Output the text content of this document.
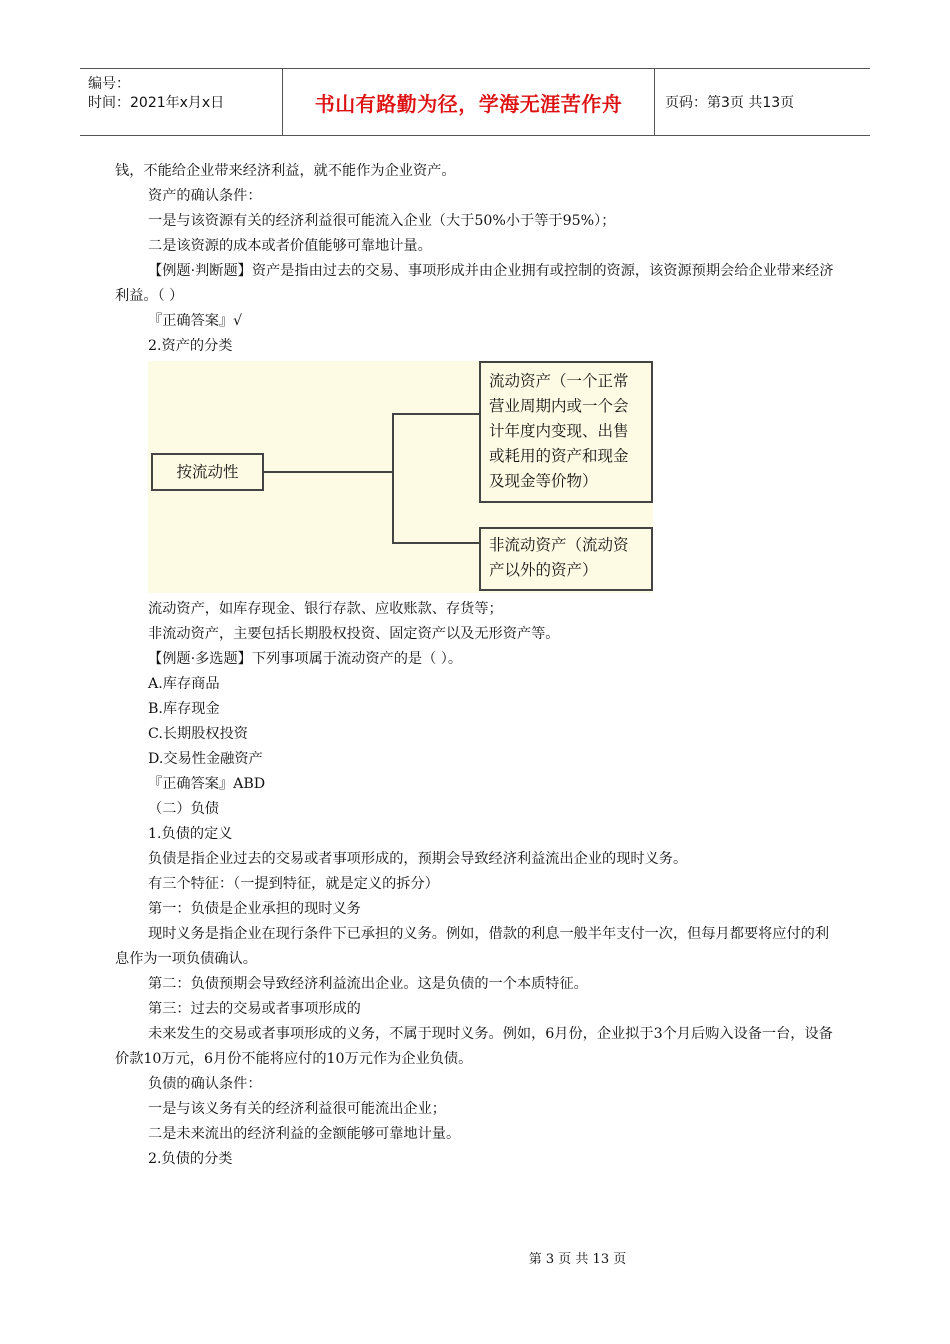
编号：
时间：2021年x月x日	书山有路勤为径，学海无涯苦作舟	页码：第3页 共13页

钱，不能给企业带来经济利益，就不能作为企业资产。

资产的确认条件：

一是与该资源有关的经济利益很可能流入企业（大于50%小于等于95%）；

二是该资源的成本或者价值能够可靠地计量。

【例题·判断题】资产是指由过去的交易、事项形成并由企业拥有或控制的资源，该资源预期会给企业带来经济利益。（ ）

『正确答案』√

2.资产的分类

按流动性
流动资产（一个正常营业周期内或一个会计年度内变现、出售或耗用的资产和现金及现金等价物）
非流动资产（流动资产以外的资产）

流动资产，如库存现金、银行存款、应收账款、存货等；

非流动资产，主要包括长期股权投资、固定资产以及无形资产等。

【例题·多选题】下列事项属于流动资产的是（ ）。

A.库存商品

B.库存现金

C.长期股权投资

D.交易性金融资产

『正确答案』ABD

（二）负债

1.负债的定义

负债是指企业过去的交易或者事项形成的，预期会导致经济利益流出企业的现时义务。

有三个特征：（一提到特征，就是定义的拆分）

第一：负债是企业承担的现时义务

现时义务是指企业在现行条件下已承担的义务。例如，借款的利息一般半年支付一次，但每月都要将应付的利息作为一项负债确认。

第二：负债预期会导致经济利益流出企业。这是负债的一个本质特征。

第三：过去的交易或者事项形成的

未来发生的交易或者事项形成的义务，不属于现时义务。例如，6月份，企业拟于3个月后购入设备一台，设备价款10万元，6月份不能将应付的10万元作为企业负债。

负债的确认条件：

一是与该义务有关的经济利益很可能流出企业；

二是未来流出的经济利益的金额能够可靠地计量。

2.负债的分类

第 3 页 共 13 页
